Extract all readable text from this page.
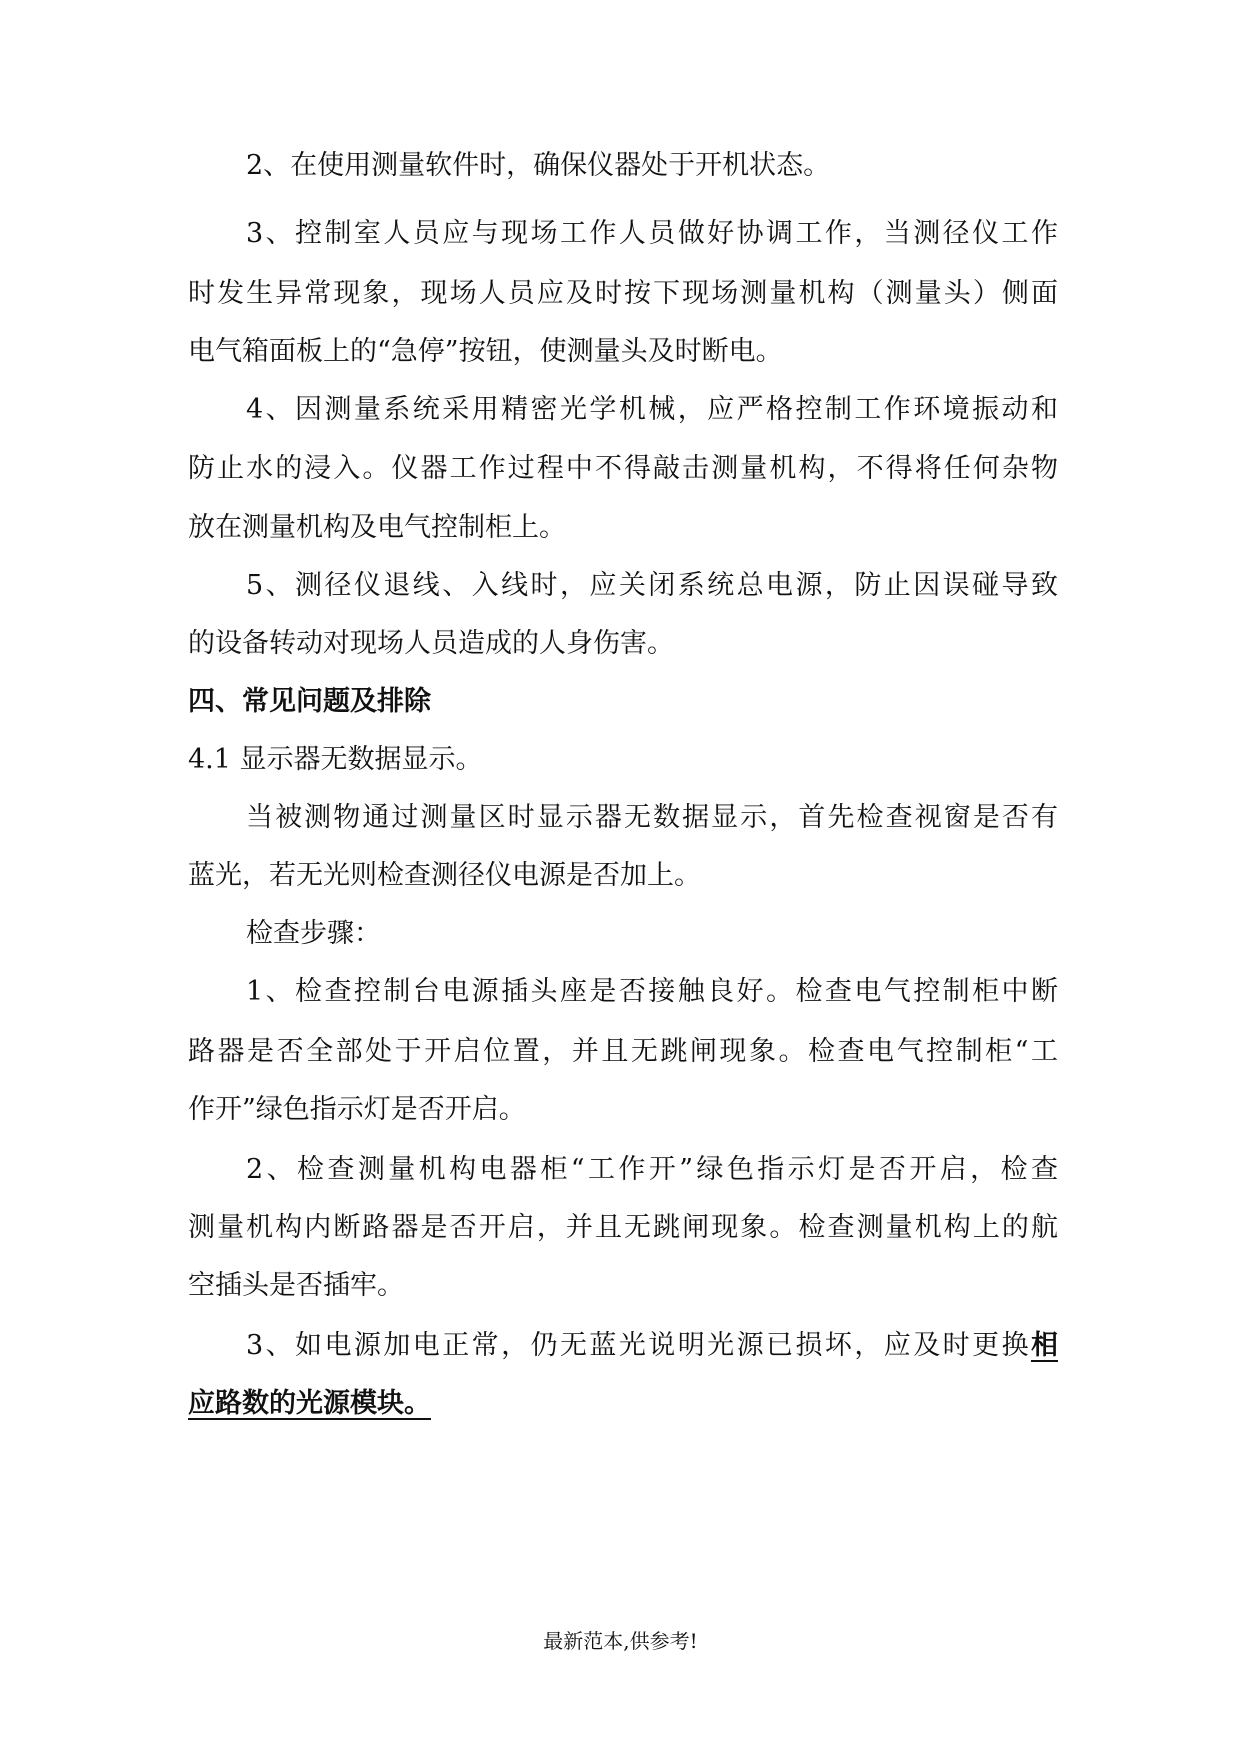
2、在使用测量软件时，确保仪器处于开机状态。
3、控制室人员应与现场工作人员做好协调工作，当测径仪工作
时发生异常现象，现场人员应及时按下现场测量机构（测量头）侧面
电气箱面板上的“急停”按钮，使测量头及时断电。
4、因测量系统采用精密光学机械，应严格控制工作环境振动和
防止水的浸入。仪器工作过程中不得敲击测量机构，不得将任何杂物
放在测量机构及电气控制柜上。
5、测径仪退线、入线时，应关闭系统总电源，防止因误碰导致
的设备转动对现场人员造成的人身伤害。
四、常见问题及排除
4.1 显示器无数据显示。
当被测物通过测量区时显示器无数据显示，首先检查视窗是否有
蓝光，若无光则检查测径仪电源是否加上。
检查步骤：
1、检查控制台电源插头座是否接触良好。检查电气控制柜中断
路器是否全部处于开启位置，并且无跳闸现象。检查电气控制柜“工
作开”绿色指示灯是否开启。
2、检查测量机构电器柜“工作开”绿色指示灯是否开启，检查
测量机构内断路器是否开启，并且无跳闸现象。检查测量机构上的航
空插头是否插牢。
3、如电源加电正常，仍无蓝光说明光源已损坏，应及时更换相
应路数的光源模块。
最新范本,供参考!
